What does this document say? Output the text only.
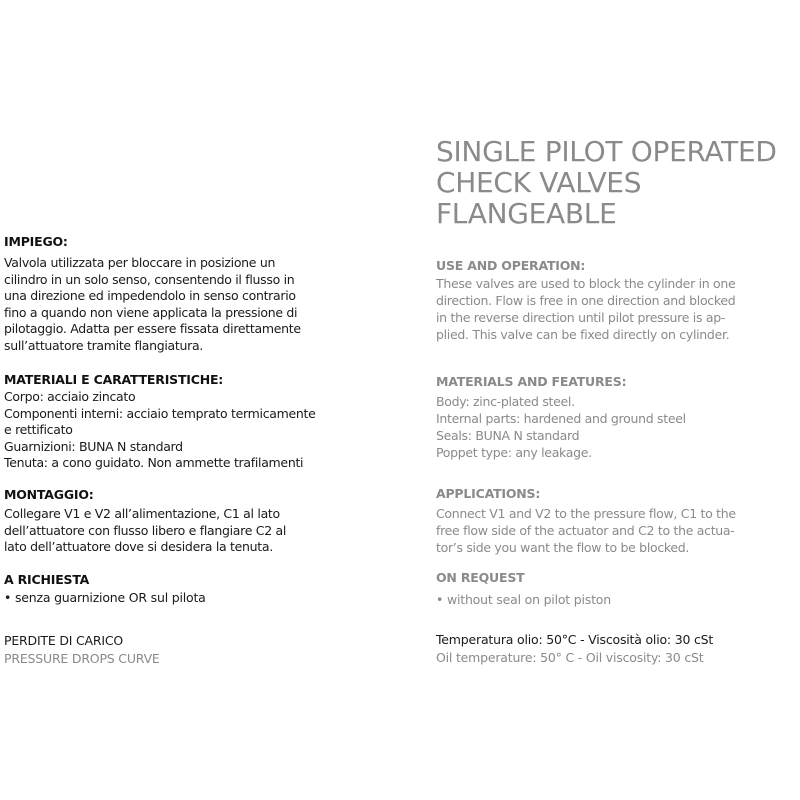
IMPIEGO:
Valvola utilizzata per bloccare in posizione un
cilindro in un solo senso, consentendo il flusso in
una direzione ed impedendolo in senso contrario
fino a quando non viene applicata la pressione di
pilotaggio. Adatta per essere fissata direttamente
sull’attuatore tramite flangiatura.
MATERIALI E CARATTERISTICHE:
Corpo: acciaio zincato
Componenti interni: acciaio temprato termicamente
e rettificato
Guarnizioni: BUNA N standard
Tenuta: a cono guidato. Non ammette trafilamenti
MONTAGGIO:
Collegare V1 e V2 all’alimentazione, C1 al lato
dell’attuatore con flusso libero e flangiare C2 al
lato dell’attuatore dove si desidera la tenuta.
A RICHIESTA
• senza guarnizione OR sul pilota
PERDITE DI CARICO
PRESSURE DROPS CURVE
SINGLE PILOT OPERATED
CHECK VALVES
FLANGEABLE
USE AND OPERATION:
These valves are used to block the cylinder in one
direction. Flow is free in one direction and blocked
in the reverse direction until pilot pressure is ap-
plied. This valve can be fixed directly on cylinder.
MATERIALS AND FEATURES:
Body: zinc-plated steel.
Internal parts: hardened and ground steel
Seals: BUNA N standard
Poppet type: any leakage.
APPLICATIONS:
Connect V1 and V2 to the pressure flow, C1 to the
free flow side of the actuator and C2 to the actua-
tor’s side you want the flow to be blocked.
ON REQUEST
• without seal on pilot piston
Temperatura olio: 50°C - Viscosità olio: 30 cSt
Oil temperature: 50° C - Oil viscosity: 30 cSt
